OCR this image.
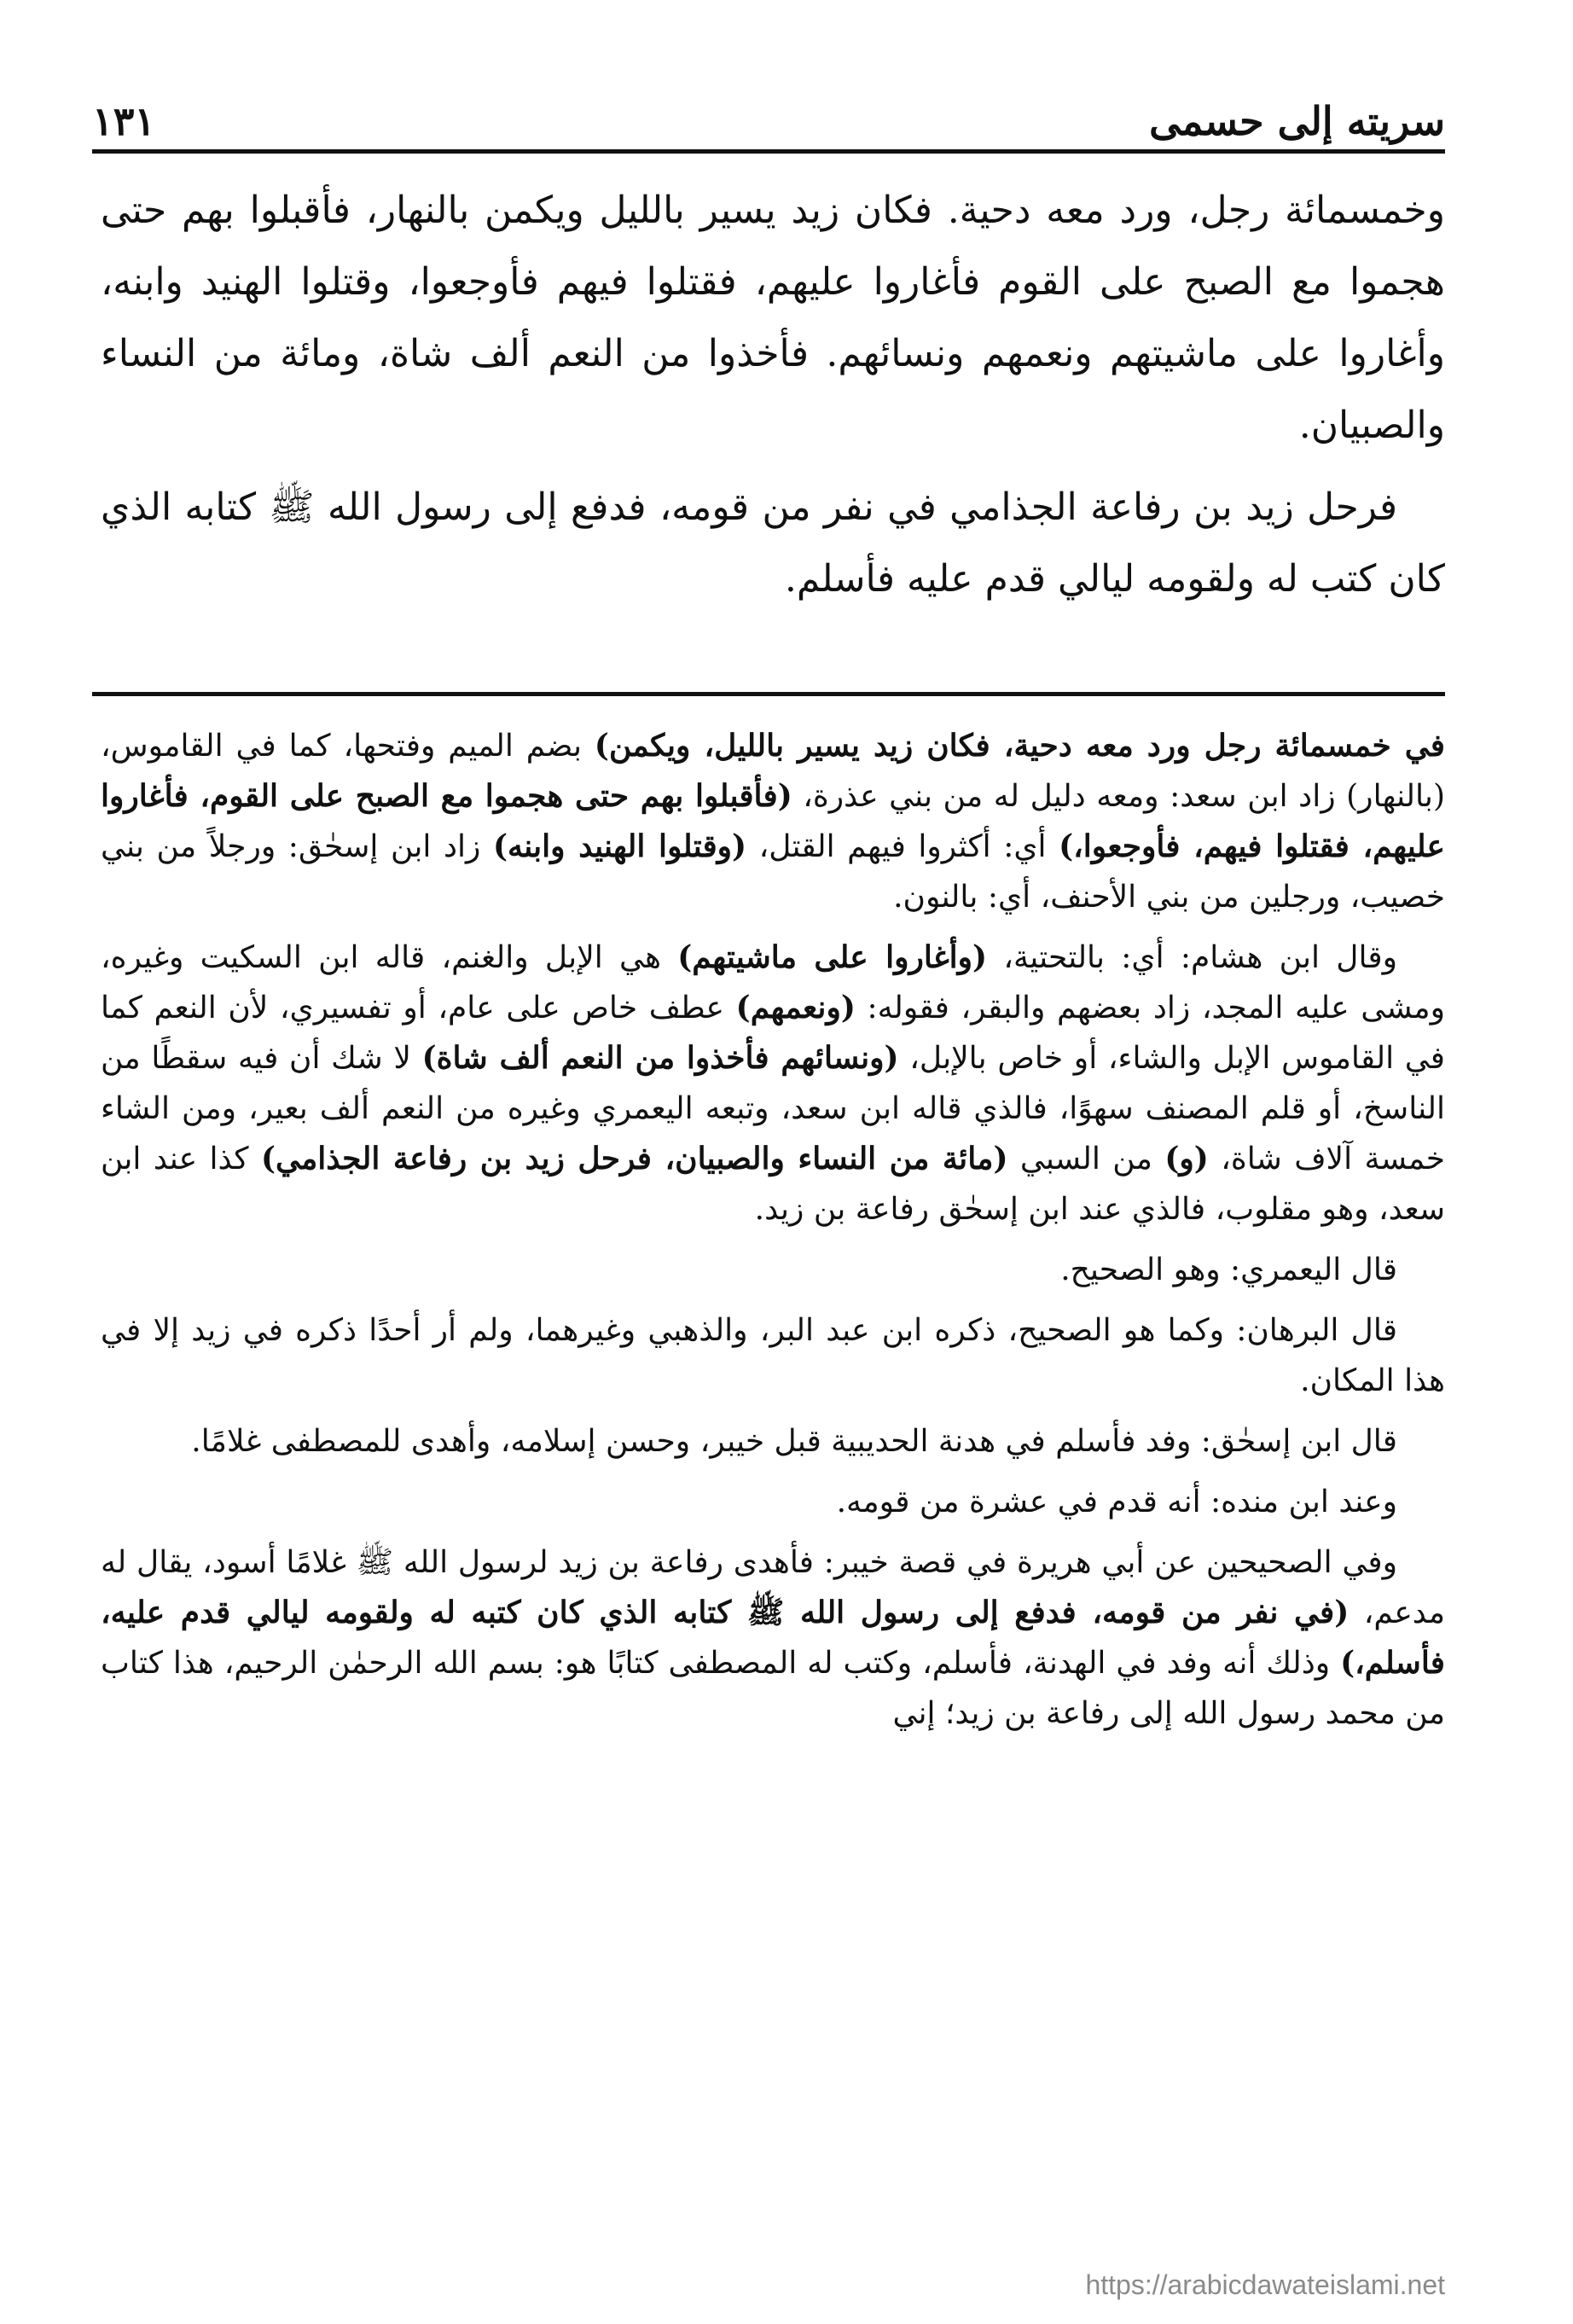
سريته إلى حسمى
١٣١

وخمسمائة رجل، ورد معه دحية. فكان زيد يسير بالليل ويكمن بالنهار، فأقبلوا بهم حتى هجموا مع الصبح على القوم فأغاروا عليهم، فقتلوا فيهم فأوجعوا، وقتلوا الهنيد وابنه، وأغاروا على ماشيتهم ونعمهم ونسائهم. فأخذوا من النعم ألف شاة، ومائة من النساء والصبيان.

فرحل زيد بن رفاعة الجذامي في نفر من قومه، فدفع إلى رسول الله ﷺ كتابه الذي كان كتب له ولقومه ليالي قدم عليه فأسلم.

في خمسمائة رجل ورد معه دحية، فكان زيد يسير بالليل، ويكمن) بضم الميم وفتحها، كما في القاموس، (بالنهار) زاد ابن سعد: ومعه دليل له من بني عذرة، (فأقبلوا بهم حتى هجموا مع الصبح على القوم، فأغاروا عليهم، فقتلوا فيهم، فأوجعوا،) أي: أكثروا فيهم القتل، (وقتلوا الهنيد وابنه) زاد ابن إسحٰق: ورجلاً من بني خصيب، ورجلين من بني الأحنف، أي: بالنون.

وقال ابن هشام: أي: بالتحتية، (وأغاروا على ماشيتهم) هي الإبل والغنم، قاله ابن السكيت وغيره، ومشى عليه المجد، زاد بعضهم والبقر، فقوله: (ونعمهم) عطف خاص على عام، أو تفسيري، لأن النعم كما في القاموس الإبل والشاء، أو خاص بالإبل، (ونسائهم فأخذوا من النعم ألف شاة) لا شك أن فيه سقطًا من الناسخ، أو قلم المصنف سهوًا، فالذي قاله ابن سعد، وتبعه اليعمري وغيره من النعم ألف بعير، ومن الشاء خمسة آلاف شاة، (و) من السبي (مائة من النساء والصبيان، فرحل زيد بن رفاعة الجذامي) كذا عند ابن سعد، وهو مقلوب، فالذي عند ابن إسحٰق رفاعة بن زيد.

قال اليعمري: وهو الصحيح.

قال البرهان: وكما هو الصحيح، ذكره ابن عبد البر، والذهبي وغيرهما، ولم أر أحدًا ذكره في زيد إلا في هذا المكان.

قال ابن إسحٰق: وفد فأسلم في هدنة الحديبية قبل خيبر، وحسن إسلامه، وأهدى للمصطفى غلامًا.

وعند ابن منده: أنه قدم في عشرة من قومه.

وفي الصحيحين عن أبي هريرة في قصة خيبر: فأهدى رفاعة بن زيد لرسول الله ﷺ غلامًا أسود، يقال له مدعم، (في نفر من قومه، فدفع إلى رسول الله ﷺ كتابه الذي كان كتبه له ولقومه ليالي قدم عليه، فأسلم،) وذلك أنه وفد في الهدنة، فأسلم، وكتب له المصطفى كتابًا هو: بسم الله الرحمٰن الرحيم، هذا كتاب من محمد رسول الله إلى رفاعة بن زيد؛ إني

https://arabicdawateislami.net
